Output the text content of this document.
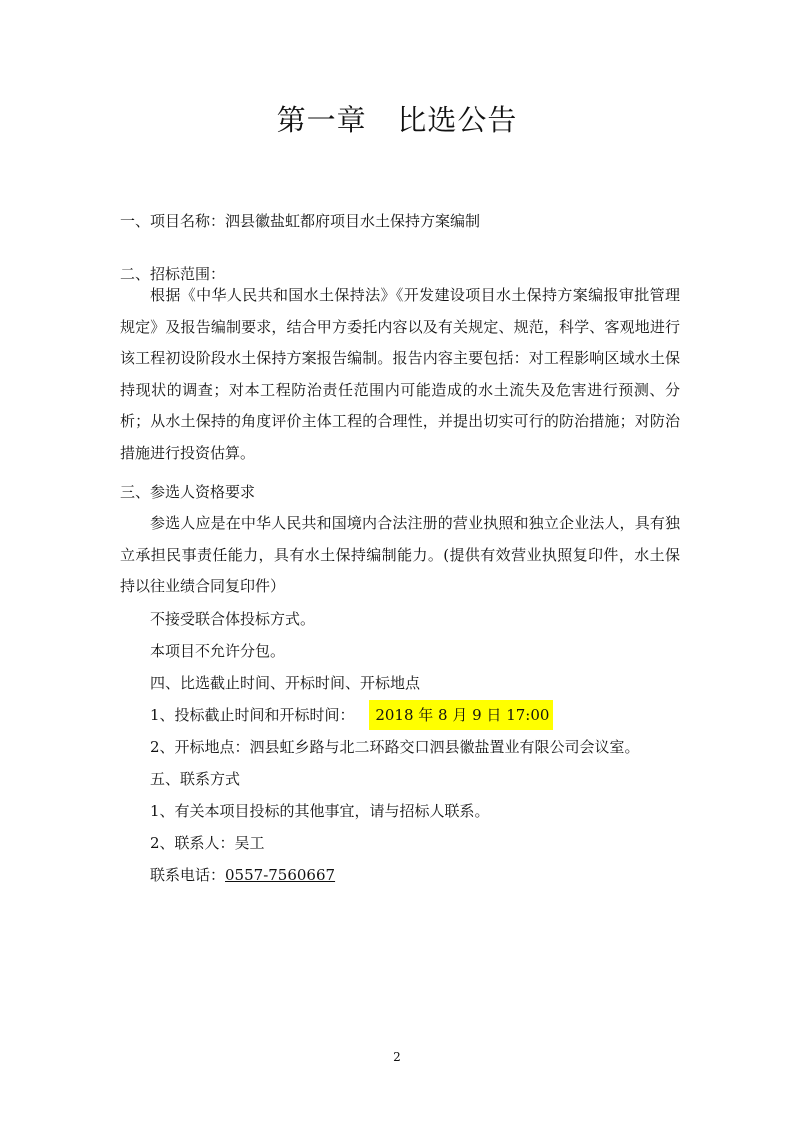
第一章   比选公告
一、项目名称：泗县徽盐虹都府项目水土保持方案编制
二、招标范围：
根据《中华人民共和国水土保持法》《开发建设项目水土保持方案编报审批管理规定》及报告编制要求，结合甲方委托内容以及有关规定、规范，科学、客观地进行该工程初设阶段水土保持方案报告编制。报告内容主要包括：对工程影响区域水土保持现状的调查；对本工程防治责任范围内可能造成的水土流失及危害进行预测、分析；从水土保持的角度评价主体工程的合理性，并提出切实可行的防治措施；对防治措施进行投资估算。
三、参选人资格要求
参选人应是在中华人民共和国境内合法注册的营业执照和独立企业法人，具有独立承担民事责任能力，具有水土保持编制能力。(提供有效营业执照复印件，水土保持以往业绩合同复印件）
不接受联合体投标方式。
本项目不允许分包。
四、比选截止时间、开标时间、开标地点
1、投标截止时间和开标时间： 2018 年 8 月 9 日 17:00
2、开标地点：泗县虹乡路与北二环路交口泗县徽盐置业有限公司会议室。
五、联系方式
1、有关本项目投标的其他事宜，请与招标人联系。
2、联系人：吴工
联系电话：0557-7560667
2
